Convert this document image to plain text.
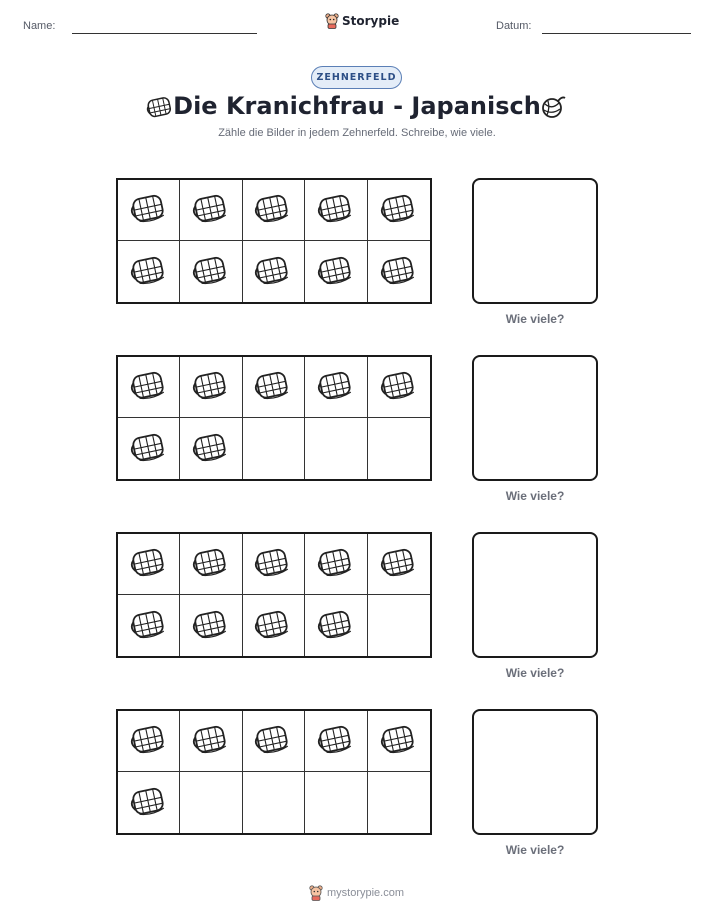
Name:	Storypie	Datum:
ZEHNERFELD
Die Kranichfrau - Japanisch
Zähle die Bilder in jedem Zehnerfeld. Schreibe, wie viele.
Wie viele?
Wie viele?
Wie viele?
Wie viele?
mystorypie.com
